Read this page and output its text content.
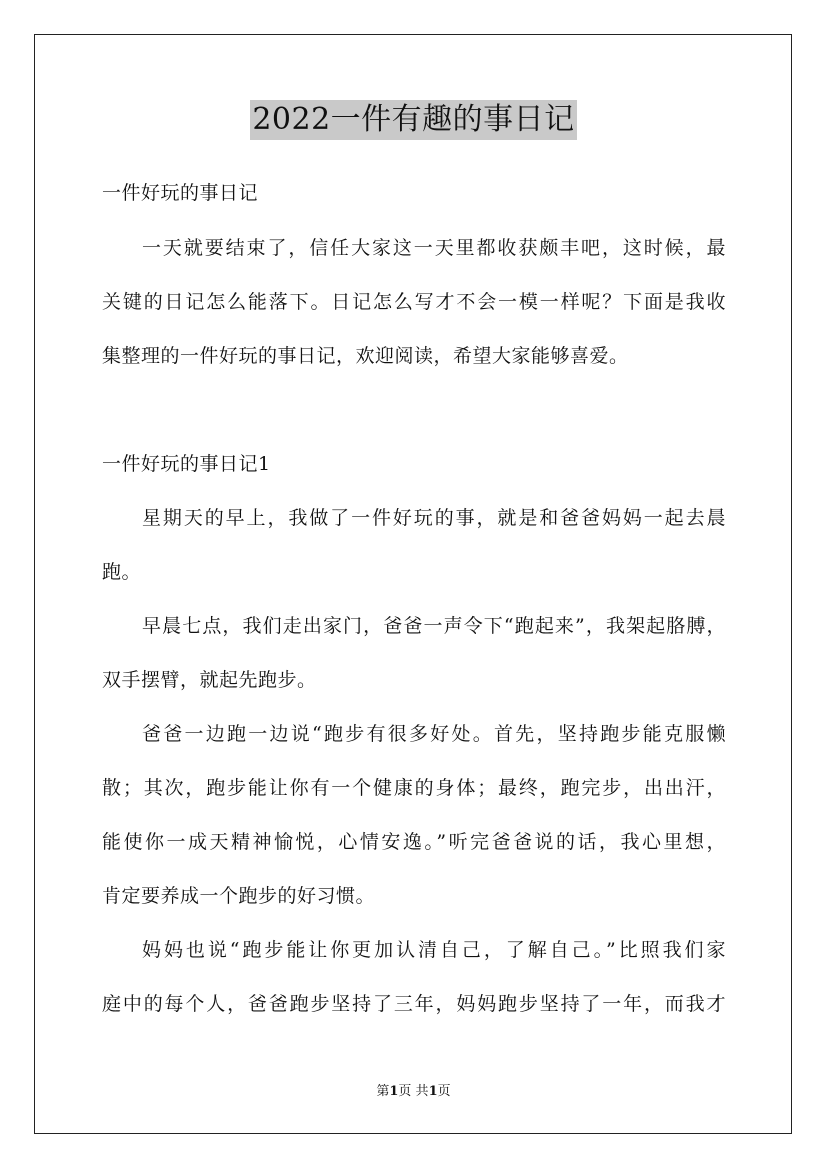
2022一件有趣的事日记
一件好玩的事日记
一天就要结束了，信任大家这一天里都收获颇丰吧，这时候，最
关键的日记怎么能落下。日记怎么写才不会一模一样呢？下面是我收
集整理的一件好玩的事日记，欢迎阅读，希望大家能够喜爱。
一件好玩的事日记1
星期天的早上，我做了一件好玩的事，就是和爸爸妈妈一起去晨
跑。
早晨七点，我们走出家门，爸爸一声令下“跑起来”，我架起胳膊，
双手摆臂，就起先跑步。
爸爸一边跑一边说“跑步有很多好处。首先，坚持跑步能克服懒
散；其次，跑步能让你有一个健康的身体；最终，跑完步，出出汗，
能使你一成天精神愉悦，心情安逸。”听完爸爸说的话，我心里想，
肯定要养成一个跑步的好习惯。
妈妈也说“跑步能让你更加认清自己，了解自己。”比照我们家
庭中的每个人，爸爸跑步坚持了三年，妈妈跑步坚持了一年，而我才
第1页 共1页
